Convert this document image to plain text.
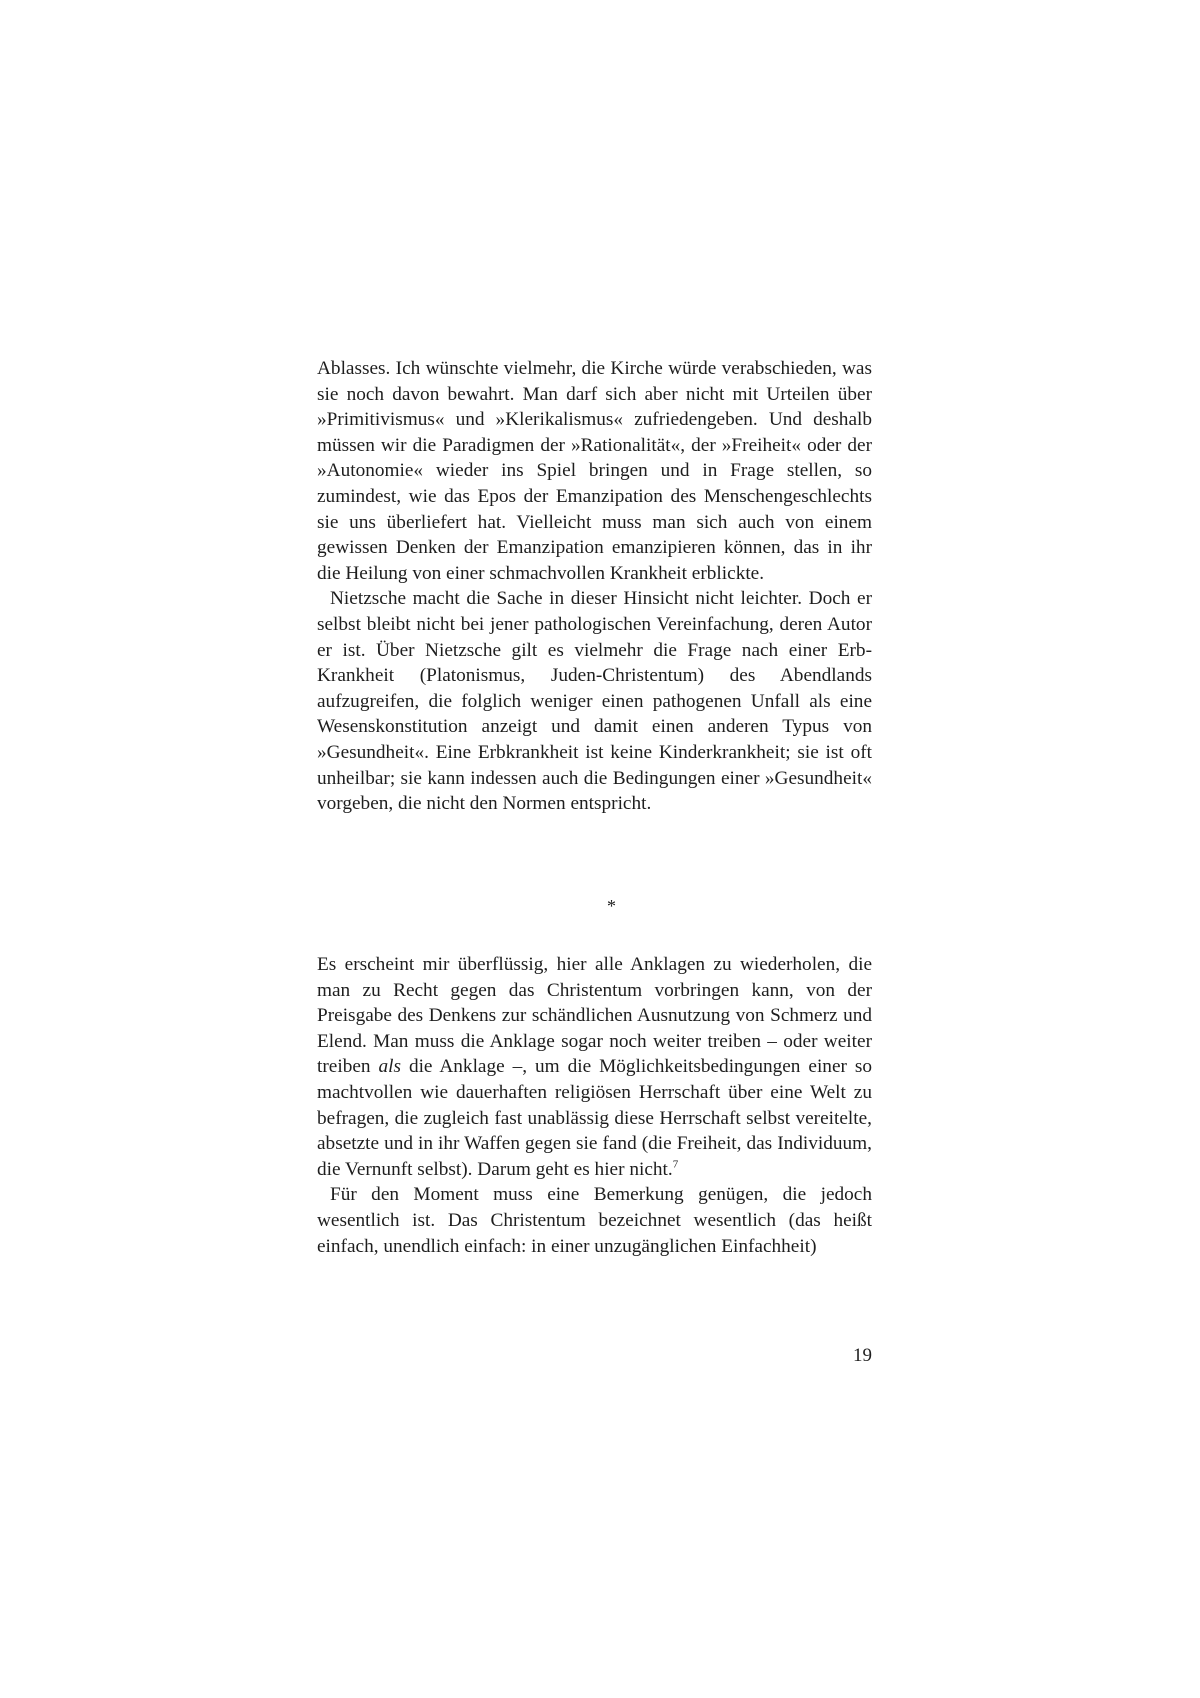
Ablasses. Ich wünschte vielmehr, die Kirche würde verabschieden, was sie noch davon bewahrt. Man darf sich aber nicht mit Urteilen über »Primitivismus« und »Klerikalismus« zufriedengeben. Und deshalb müssen wir die Paradigmen der »Rationalität«, der »Freiheit« oder der »Autonomie« wieder ins Spiel bringen und in Frage stellen, so zumindest, wie das Epos der Emanzipation des Menschengeschlechts sie uns überliefert hat. Vielleicht muss man sich auch von einem gewissen Denken der Emanzipation emanzipieren können, das in ihr die Heilung von einer schmachvollen Krankheit erblickte.

Nietzsche macht die Sache in dieser Hinsicht nicht leichter. Doch er selbst bleibt nicht bei jener pathologischen Vereinfachung, deren Autor er ist. Über Nietzsche gilt es vielmehr die Frage nach einer Erb-Krankheit (Platonismus, Juden-Christentum) des Abendlands aufzugreifen, die folglich weniger einen pathogenen Unfall als eine Wesenskonstitution anzeigt und damit einen anderen Typus von »Gesundheit«. Eine Erbkrankheit ist keine Kinderkrankheit; sie ist oft unheilbar; sie kann indessen auch die Bedingungen einer »Gesundheit« vorgeben, die nicht den Normen entspricht.

*

Es erscheint mir überflüssig, hier alle Anklagen zu wiederholen, die man zu Recht gegen das Christentum vorbringen kann, von der Preisgabe des Denkens zur schändlichen Ausnutzung von Schmerz und Elend. Man muss die Anklage sogar noch weiter treiben – oder weiter treiben als die Anklage –, um die Möglichkeitsbedingungen einer so machtvollen wie dauerhaften religiösen Herrschaft über eine Welt zu befragen, die zugleich fast unablässig diese Herrschaft selbst vereitelte, absetzte und in ihr Waffen gegen sie fand (die Freiheit, das Individuum, die Vernunft selbst). Darum geht es hier nicht.$^7$

Für den Moment muss eine Bemerkung genügen, die jedoch wesentlich ist. Das Christentum bezeichnet wesentlich (das heißt einfach, unendlich einfach: in einer unzugänglichen Einfachheit)

19
